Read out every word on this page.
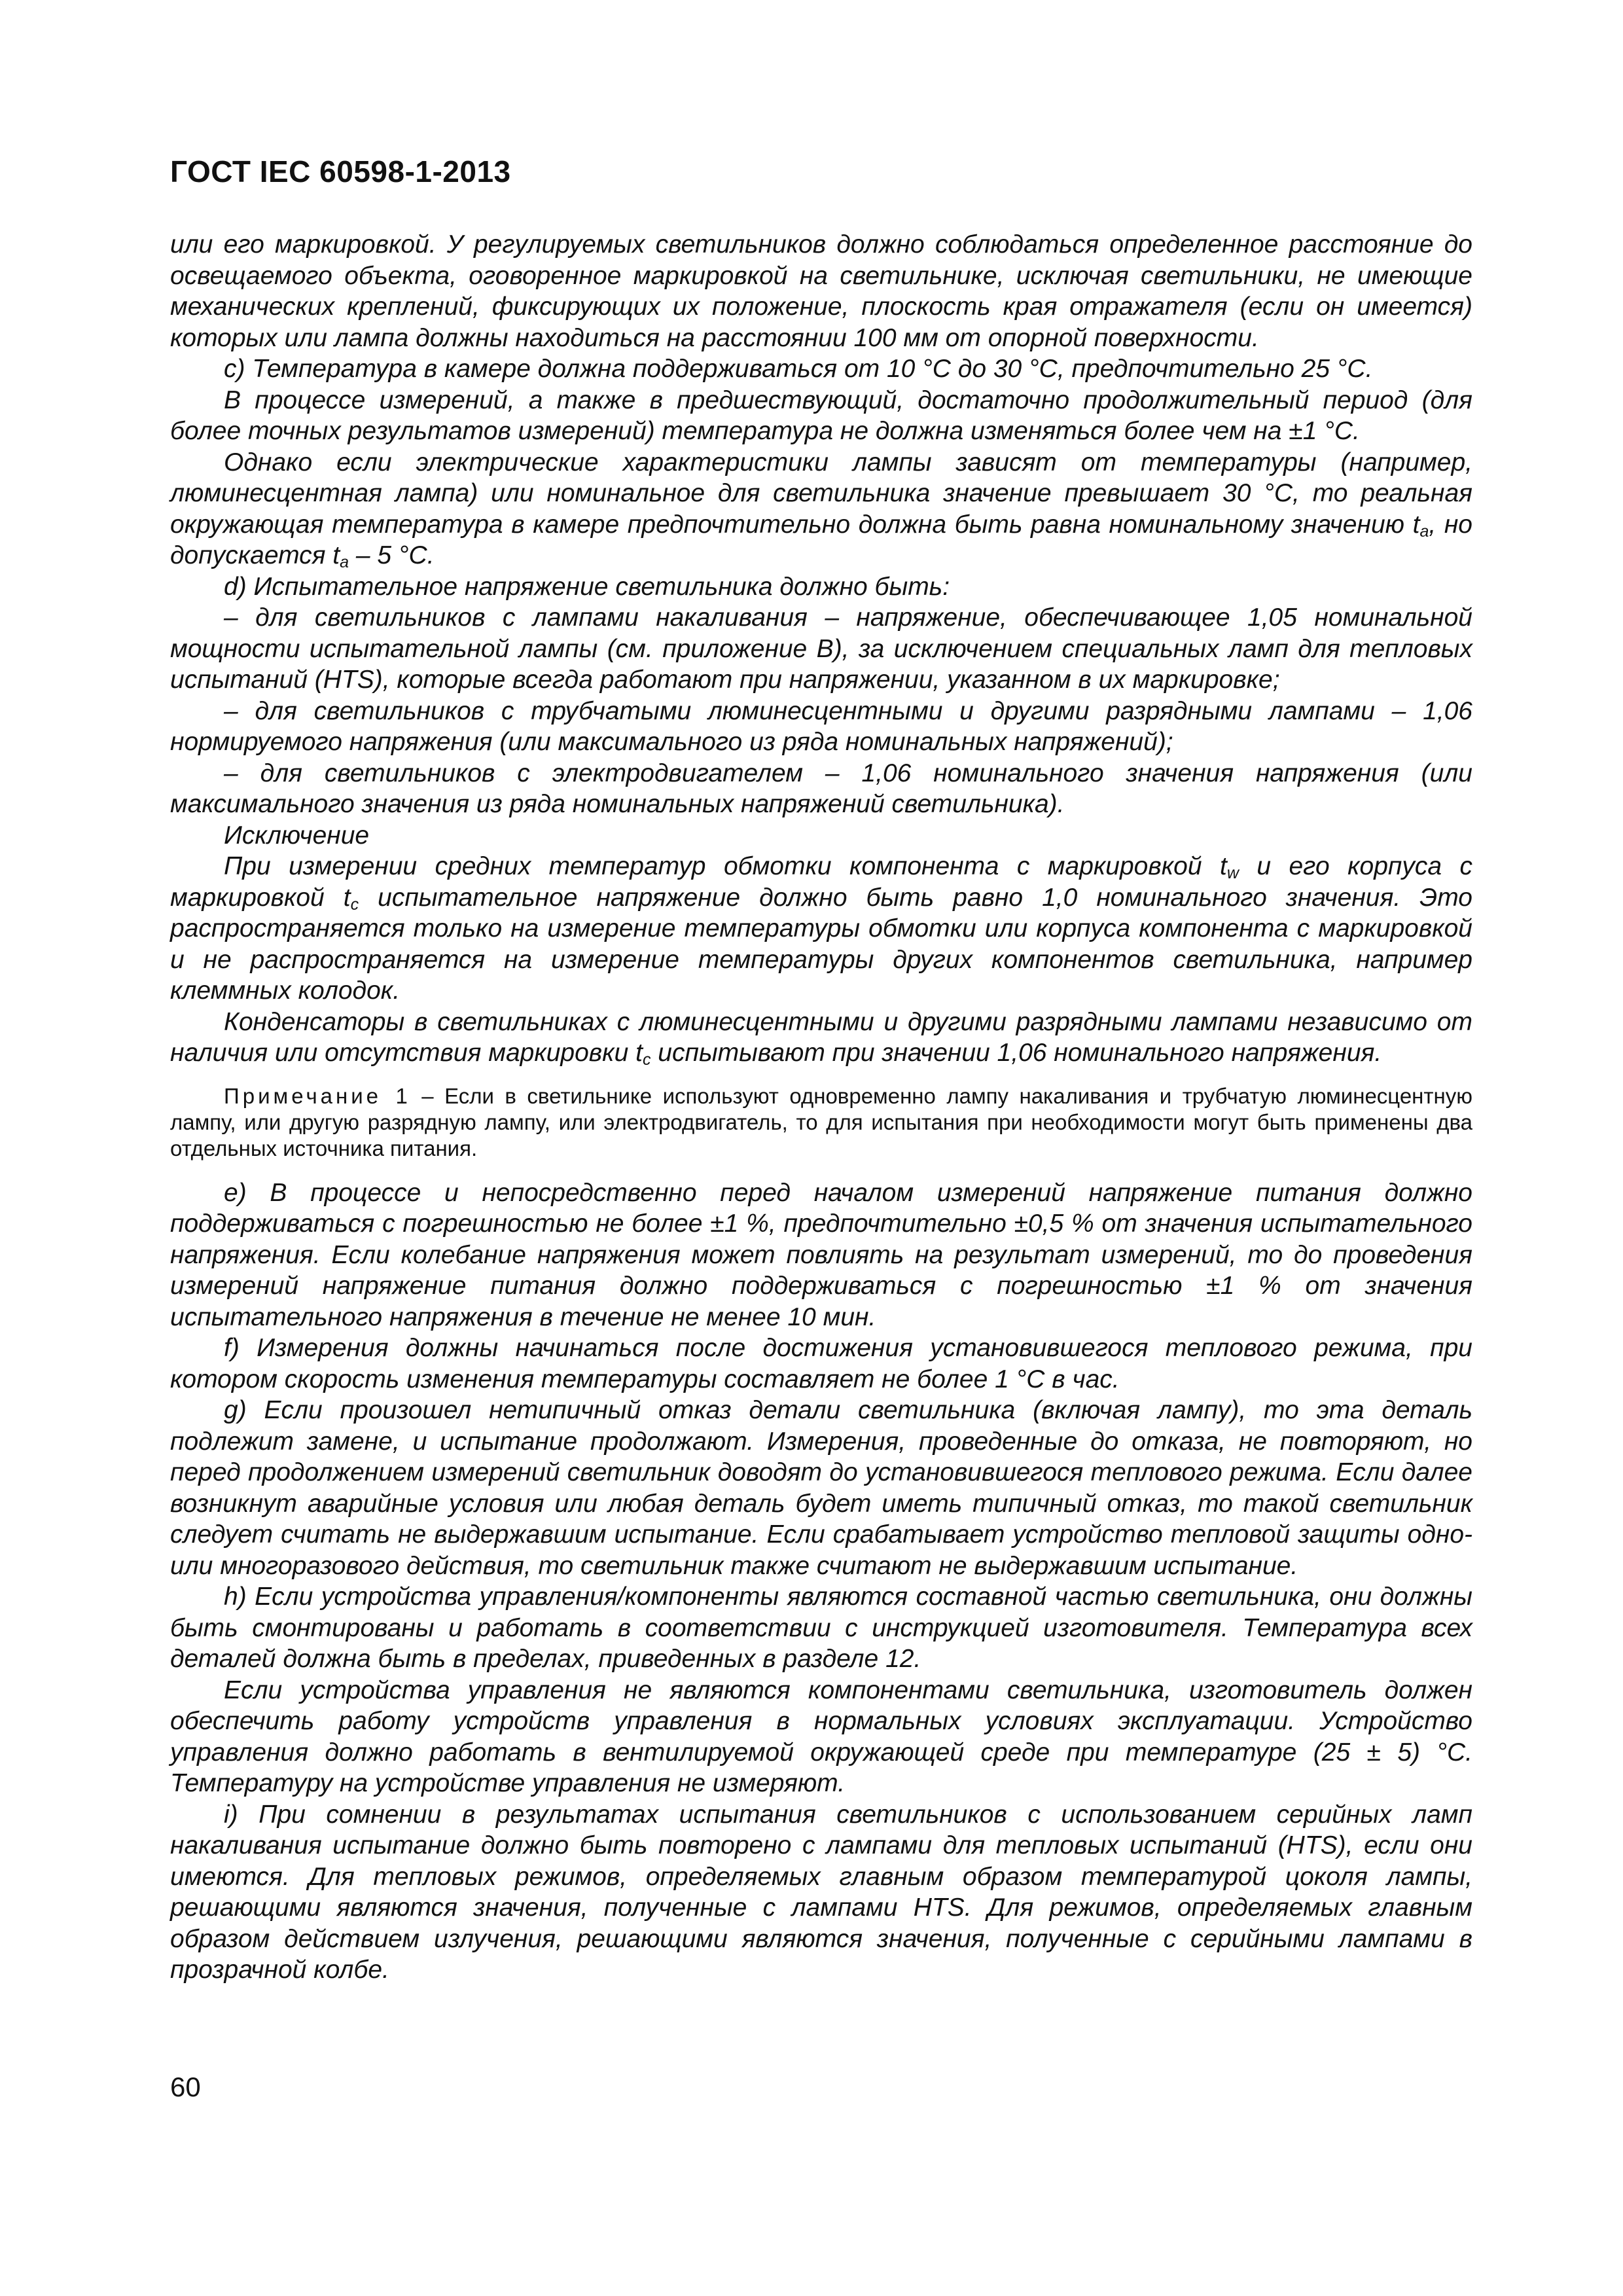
ГОСТ IEC 60598-1-2013

или его маркировкой. У регулируемых светильников должно соблюдаться определенное расстояние до освещаемого объекта, оговоренное маркировкой на светильнике, исключая светильники, не имеющие механических креплений, фиксирующих их положение, плоскость края отражателя (если он имеется) которых или лампа должны находиться на расстоянии 100 мм от опорной поверхности.

c) Температура в камере должна поддерживаться от 10 °С до 30 °С, предпочтительно 25 °С.

В процессе измерений, а также в предшествующий, достаточно продолжительный период (для более точных результатов измерений) температура не должна изменяться более чем на ±1 °С.

Однако если электрические характеристики лампы зависят от температуры (например, люминесцентная лампа) или номинальное для светильника значение превышает 30 °С, то реальная окружающая температура в камере предпочтительно должна быть равна номинальному значению $t_a$, но допускается $t_a - 5$ °С.

d) Испытательное напряжение светильника должно быть:

– для светильников с лампами накаливания – напряжение, обеспечивающее 1,05 номинальной мощности испытательной лампы (см. приложение В), за исключением специальных ламп для тепловых испытаний (HTS), которые всегда работают при напряжении, указанном в их маркировке;

– для светильников с трубчатыми люминесцентными и другими разрядными лампами – 1,06 нормируемого напряжения (или максимального из ряда номинальных напряжений);

– для светильников с электродвигателем – 1,06 номинального значения напряжения (или максимального значения из ряда номинальных напряжений светильника).

Исключение

При измерении средних температур обмотки компонента с маркировкой $t_w$ и его корпуса с маркировкой $t_c$ испытательное напряжение должно быть равно 1,0 номинального значения. Это распространяется только на измерение температуры обмотки или корпуса компонента с маркировкой и не распространяется на измерение температуры других компонентов светильника, например клеммных колодок.

Конденсаторы в светильниках с люминесцентными и другими разрядными лампами независимо от наличия или отсутствия маркировки $t_c$ испытывают при значении 1,06 номинального напряжения.

Примечание 1 – Если в светильнике используют одновременно лампу накаливания и трубчатую люминесцентную лампу, или другую разрядную лампу, или электродвигатель, то для испытания при необходимости могут быть применены два отдельных источника питания.

e) В процессе и непосредственно перед началом измерений напряжение питания должно поддерживаться с погрешностью не более ±1 %, предпочтительно ±0,5 % от значения испытательного напряжения. Если колебание напряжения может повлиять на результат измерений, то до проведения измерений напряжение питания должно поддерживаться с погрешностью ±1 % от значения испытательного напряжения в течение не менее 10 мин.

f) Измерения должны начинаться после достижения установившегося теплового режима, при котором скорость изменения температуры составляет не более 1 °С в час.

g) Если произошел нетипичный отказ детали светильника (включая лампу), то эта деталь подлежит замене, и испытание продолжают. Измерения, проведенные до отказа, не повторяют, но перед продолжением измерений светильник доводят до установившегося теплового режима. Если далее возникнут аварийные условия или любая деталь будет иметь типичный отказ, то такой светильник следует считать не выдержавшим испытание. Если срабатывает устройство тепловой защиты одно- или многоразового действия, то светильник также считают не выдержавшим испытание.

h) Если устройства управления/компоненты являются составной частью светильника, они должны быть смонтированы и работать в соответствии с инструкцией изготовителя. Температура всех деталей должна быть в пределах, приведенных в разделе 12.

Если устройства управления не являются компонентами светильника, изготовитель должен обеспечить работу устройств управления в нормальных условиях эксплуатации. Устройство управления должно работать в вентилируемой окружающей среде при температуре (25 ± 5) °С. Температуру на устройстве управления не измеряют.

i) При сомнении в результатах испытания светильников с использованием серийных ламп накаливания испытание должно быть повторено с лампами для тепловых испытаний (HTS), если они имеются. Для тепловых режимов, определяемых главным образом температурой цоколя лампы, решающими являются значения, полученные с лампами HTS. Для режимов, определяемых главным образом действием излучения, решающими являются значения, полученные с серийными лампами в прозрачной колбе.

60
